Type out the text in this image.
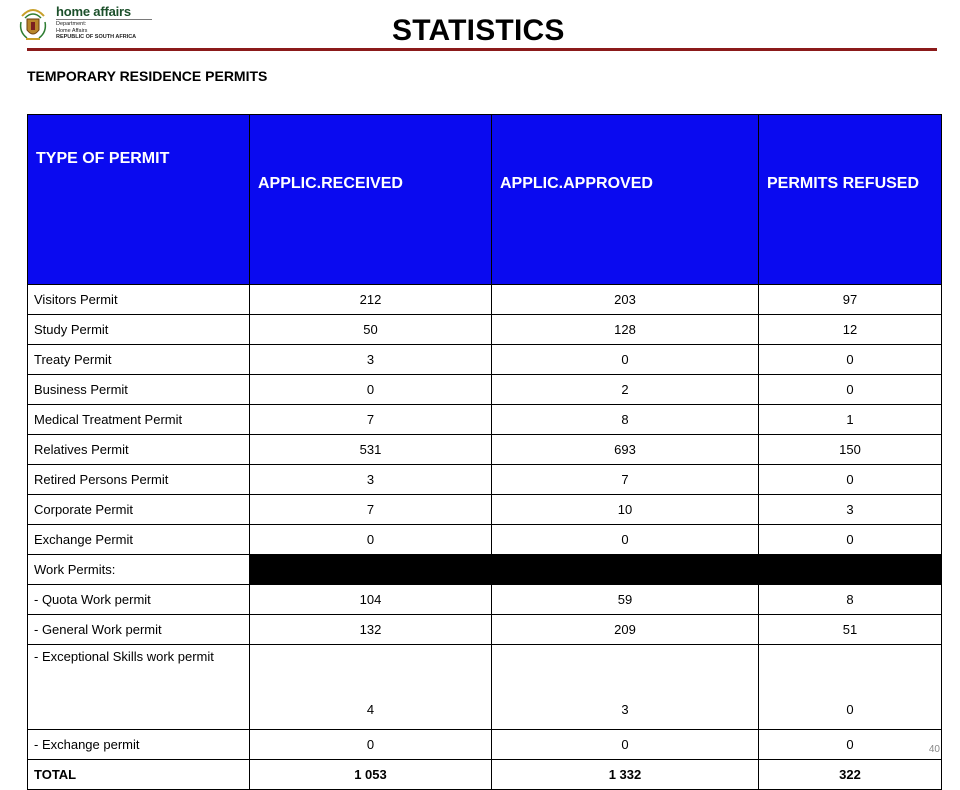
home affairs
Department:
Home Affairs
REPUBLIC OF SOUTH AFRICA	STATISTICS
TEMPORARY RESIDENCE PERMITS
TYPE OF PERMIT	APPLIC.RECEIVED	APPLIC.APPROVED	PERMITS REFUSED
Visitors Permit	212	203	97
Study Permit	50	128	12
Treaty Permit	3	0	0
Business Permit	0	2	0
Medical Treatment Permit	7	8	1
Relatives Permit	531	693	150
Retired Persons Permit	3	7	0
Corporate Permit	7	10	3
Exchange Permit	0	0	0
Work Permits:			
- Quota Work permit	104	59	8
- General Work permit	132	209	51
- Exceptional Skills work permit	4	3	0
- Exchange permit	0	0	0
TOTAL	1 053	1 332	322
40
